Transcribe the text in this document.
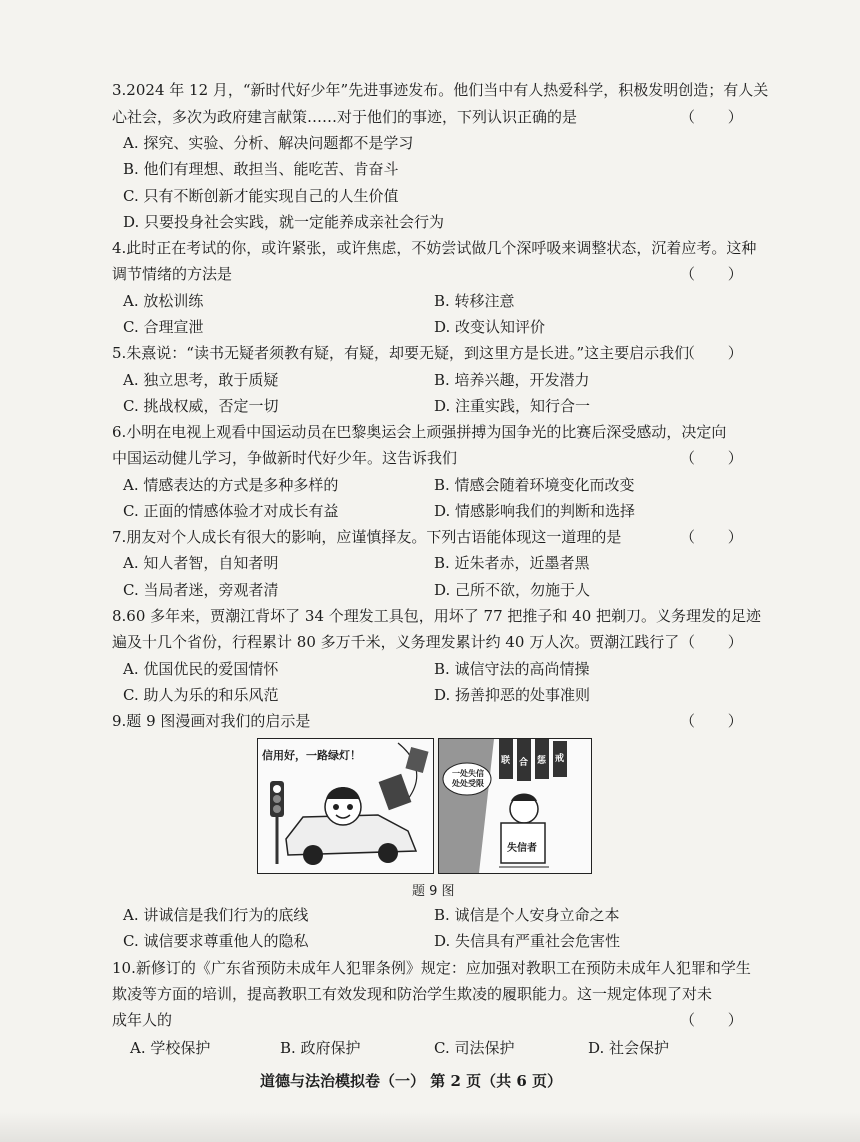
3.2024 年 12 月，“新时代好少年”先进事迹发布。他们当中有人热爱科学，积极发明创造；有人关
心社会，多次为政府建言献策……对于他们的事迹，下列认识正确的是	（ ）
A. 探究、实验、分析、解决问题都不是学习
B. 他们有理想、敢担当、能吃苦、肯奋斗
C. 只有不断创新才能实现自己的人生价值
D. 只要投身社会实践，就一定能养成亲社会行为
4.此时正在考试的你，或许紧张，或许焦虑，不妨尝试做几个深呼吸来调整状态，沉着应考。这种
调节情绪的方法是	（ ）
A. 放松训练	B. 转移注意
C. 合理宣泄	D. 改变认知评价
5.朱熹说：“读书无疑者须教有疑，有疑，却要无疑，到这里方是长进。”这主要启示我们
（ ）
A. 独立思考，敢于质疑	B. 培养兴趣，开发潜力
C. 挑战权威，否定一切	D. 注重实践，知行合一
6.小明在电视上观看中国运动员在巴黎奥运会上顽强拼搏为国争光的比赛后深受感动，决定向
中国运动健儿学习，争做新时代好少年。这告诉我们	（ ）
A. 情感表达的方式是多种多样的	B. 情感会随着环境变化而改变
C. 正面的情感体验才对成长有益	D. 情感影响我们的判断和选择
7.朋友对个人成长有很大的影响，应谨慎择友。下列古语能体现这一道理的是	（ ）
A. 知人者智，自知者明	B. 近朱者赤，近墨者黑
C. 当局者迷，旁观者清	D. 己所不欲，勿施于人
8.60 多年来，贾潮江背坏了 34 个理发工具包，用坏了 77 把推子和 40 把剃刀。义务理发的足迹
遍及十几个省份，行程累计 80 多万千米，义务理发累计约 40 万人次。贾潮江践行了 （ ）
A. 优国优民的爱国情怀	B. 诚信守法的高尚情操
C. 助人为乐的和乐风范	D. 扬善抑恶的处事准则
9.题 9 图漫画对我们的启示是	（ ）
信用好，一路绿灯！
一处失信 处处受限
失信者
联 合 惩 戒
题 9 图
A. 讲诚信是我们行为的底线	B. 诚信是个人安身立命之本
C. 诚信要求尊重他人的隐私	D. 失信具有严重社会危害性
10.新修订的《广东省预防未成年人犯罪条例》规定：应加强对教职工在预防未成年人犯罪和学生
欺凌等方面的培训，提高教职工有效发现和防治学生欺凌的履职能力。这一规定体现了对未
成年人的	（ ）
A. 学校保护	B. 政府保护	C. 司法保护	D. 社会保护
道德与法治模拟卷（一） 第 2 页（共 6 页）
